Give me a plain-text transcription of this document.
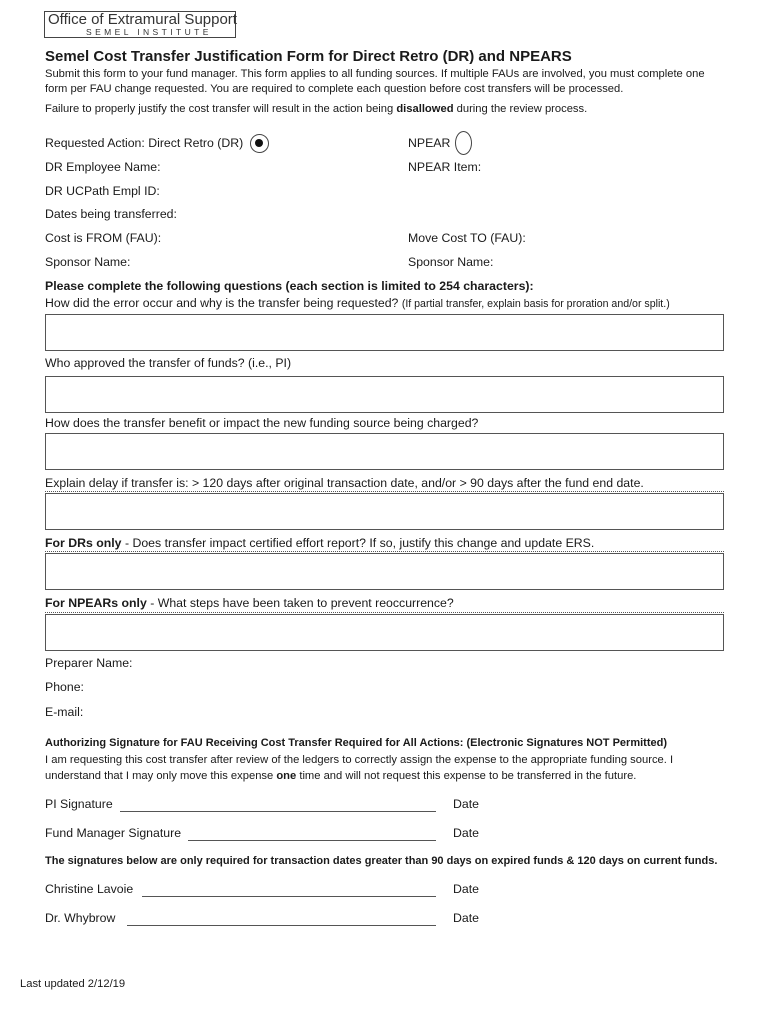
Office of Extramural Support
SEMEL INSTITUTE
Semel Cost Transfer Justification Form for Direct Retro (DR) and NPEARS
Submit this form to your fund manager. This form applies to all funding sources. If multiple FAUs are involved, you must complete one form per FAU change requested. You are required to complete each question before cost transfers will be processed.
Failure to properly justify the cost transfer will result in the action being disallowed during the review process.
Requested Action: Direct Retro (DR)	NPEAR
DR Employee Name:	NPEAR Item:
DR UCPath Empl ID:
Dates being transferred:
Cost is FROM (FAU):	Move Cost TO (FAU):
Sponsor Name:	Sponsor Name:
Please complete the following questions (each section is limited to 254 characters):
How did the error occur and why is the transfer being requested? (If partial transfer, explain basis for proration and/or split.)
Who approved the transfer of funds? (i.e., PI)
How does the transfer benefit or impact the new funding source being charged?
Explain delay if transfer is: > 120 days after original transaction date, and/or > 90 days after the fund end date.
For DRs only - Does transfer impact certified effort report? If so, justify this change and update ERS.
For NPEARs only - What steps have been taken to prevent reoccurrence?
Preparer Name:
Phone:
E-mail:
Authorizing Signature for FAU Receiving Cost Transfer Required for All Actions: (Electronic Signatures NOT Permitted)
I am requesting this cost transfer after review of the ledgers to correctly assign the expense to the appropriate funding source. I understand that I may only move this expense one time and will not request this expense to be transferred in the future.
PI Signature	Date
Fund Manager Signature	Date
The signatures below are only required for transaction dates greater than 90 days on expired funds & 120 days on current funds.
Christine Lavoie	Date
Dr. Whybrow	Date
Last updated 2/12/19
